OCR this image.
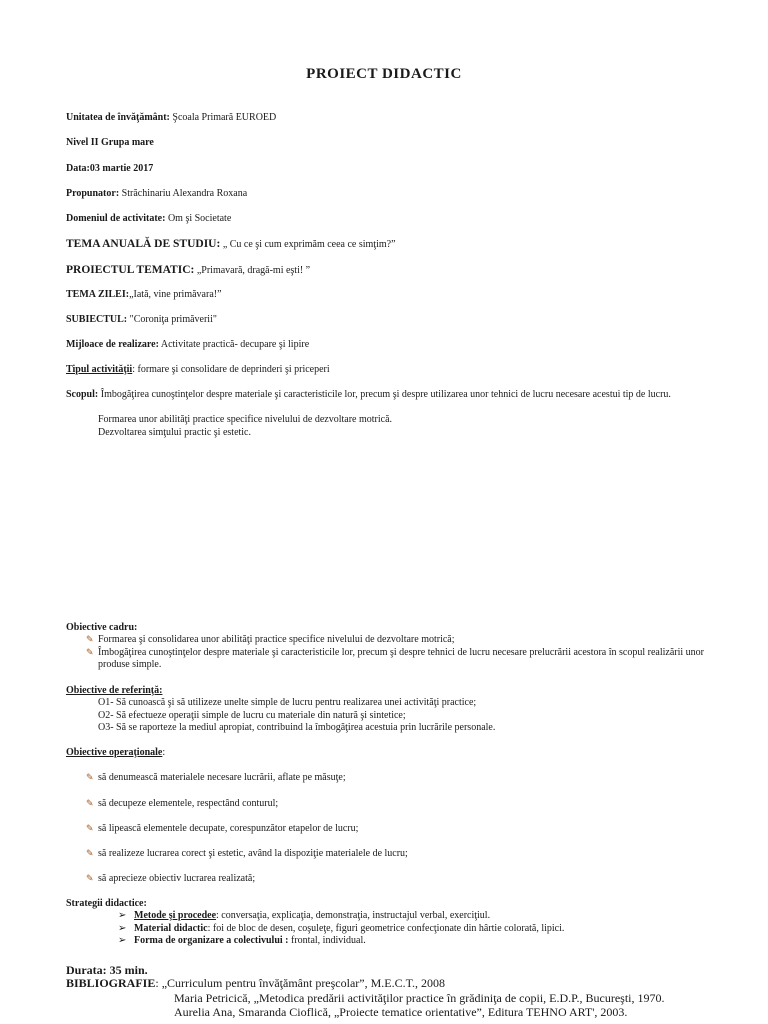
PROIECT DIDACTIC
Unitatea de învăţământ: Şcoala Primară EUROED
Nivel II Grupa mare
Data:03 martie 2017
Propunator: Străchinariu Alexandra Roxana
Domeniul de activitate: Om şi Societate
TEMA ANUALĂ DE STUDIU: „ Cu ce şi cum exprimăm ceea ce simţim?”
PROIECTUL TEMATIC: „Primavară, dragă-mi eşti! ”
TEMA ZILEI:„Iată, vine primăvara!”
SUBIECTUL: "Coroniţa primăverii"
Mijloace de realizare: Activitate practică- decupare şi lipire
Tipul activităţii: formare şi consolidare de deprinderi şi priceperi
Scopul: Îmbogăţirea cunoştinţelor despre materiale şi caracteristicile lor, precum şi despre utilizarea unor tehnici de lucru necesare acestui tip de lucru.
Formarea unor abilităţi practice specifice nivelului de dezvoltare motrică.
Dezvoltarea simţului practic şi estetic.
Obiective cadru:
✎ Formarea şi consolidarea unor abilităţi practice specifice nivelului de dezvoltare motrică;
✎ Îmbogăţirea cunoştinţelor despre materiale şi caracteristicile lor, precum şi despre tehnici de lucru necesare prelucrării acestora în scopul realizării unor produse simple.
Obiective de referinţă:
O1- Să cunoască şi să utilizeze unelte simple de lucru pentru realizarea unei activităţi practice;
O2- Să efectueze operaţii simple de lucru cu materiale din natură şi sintetice;
O3- Să se raporteze la mediul apropiat, contribuind la îmbogăţirea acestuia prin lucrările personale.
Obiective operaţionale:
✎ să denumească materialele necesare lucrării, aflate pe măsuţe;
✎ să decupeze elementele, respectând conturul;
✎ să lipească elementele decupate, corespunzător etapelor de lucru;
✎ să realizeze lucrarea corect şi estetic, având la dispoziţie materialele de lucru;
✎ să aprecieze obiectiv lucrarea realizată;
Strategii didactice:
➢ Metode şi procedee: conversaţia, explicaţia, demonstraţia, instructajul verbal, exerciţiul.
➢ Material didactic: foi de bloc de desen, coşuleţe, figuri geometrice confecţionate din hârtie colorată, lipici.
➢ Forma de organizare a colectivului : frontal, individual.
Durata: 35 min.
BIBLIOGRAFIE: „Curriculum pentru învăţământ preşcolar”, M.E.C.T., 2008
Maria Petricică, „Metodica predării activităţilor practice în grădiniţa de copii, E.D.P., Bucureşti, 1970.
Aurelia Ana, Smaranda Cioflică, „Proiecte tematice orientative”, Editura TEHNO ART', 2003.
